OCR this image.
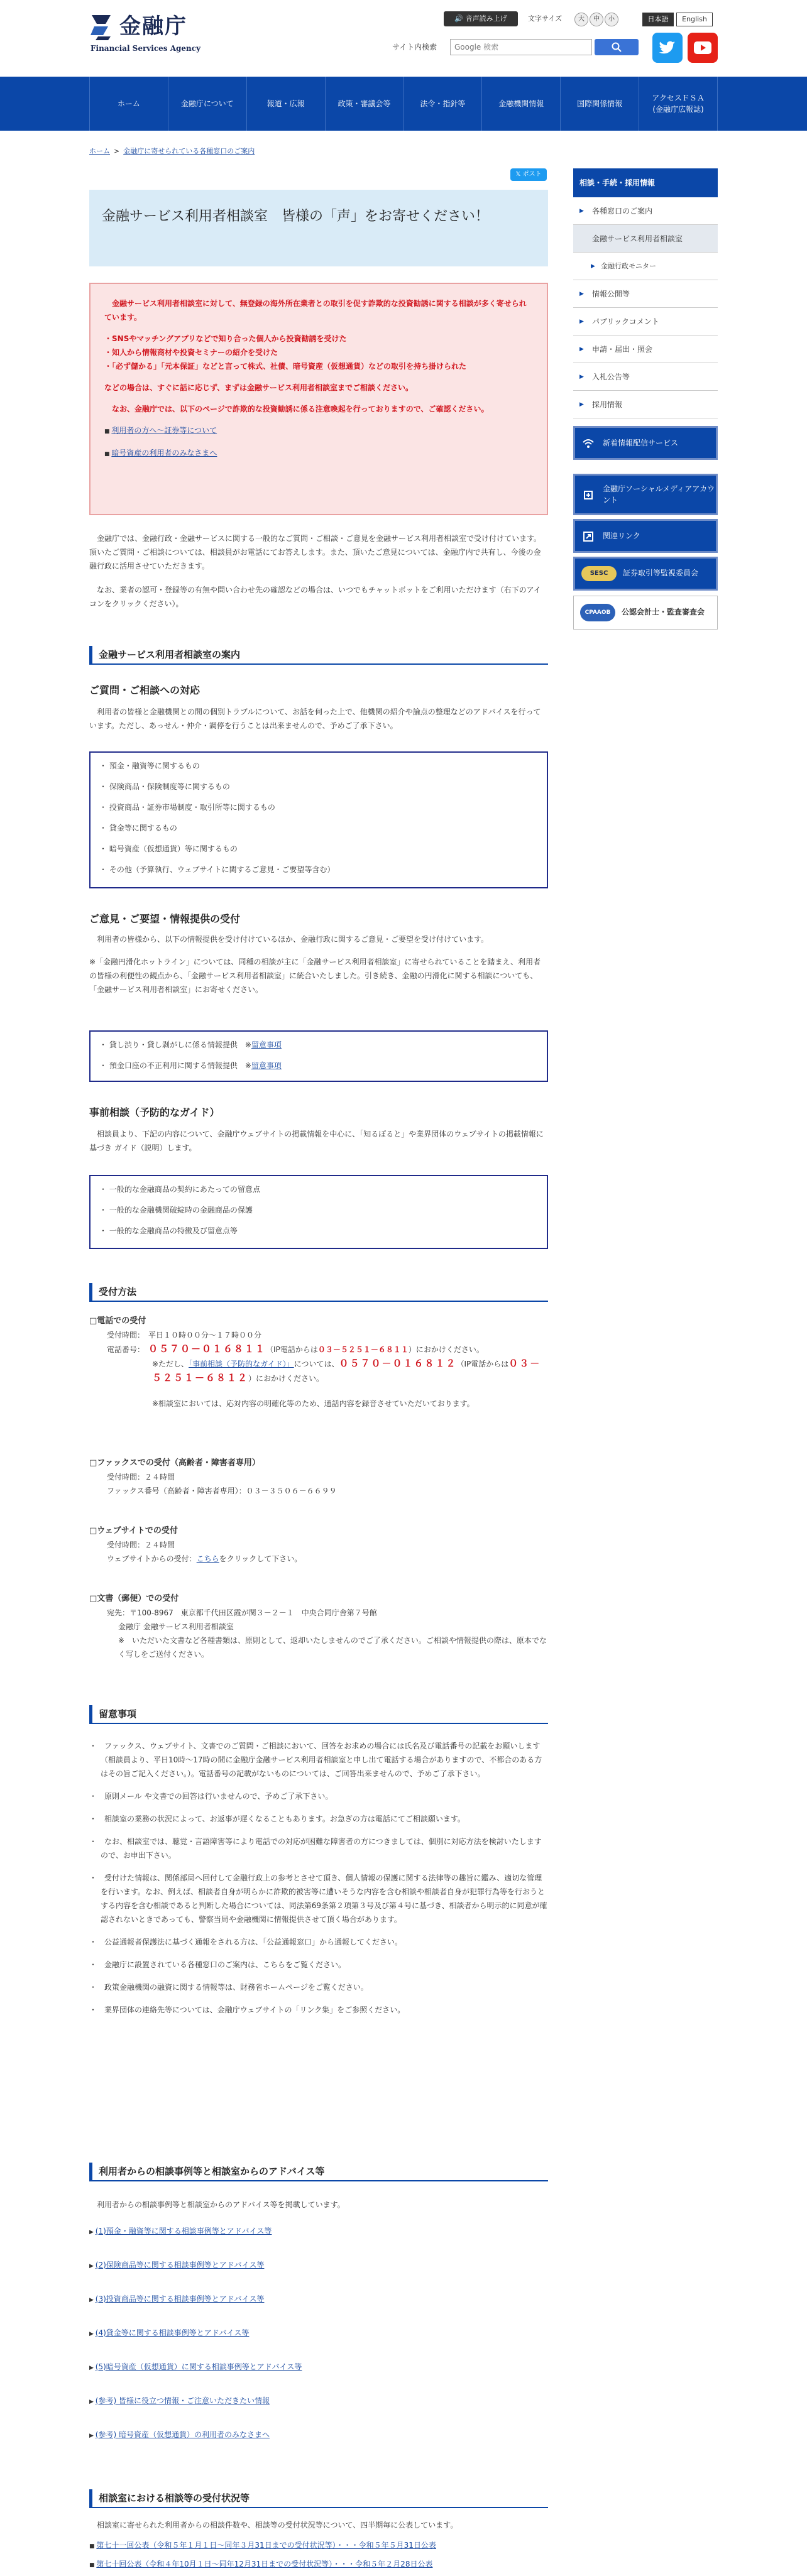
金融庁
Financial Services Agency
🔊 音声読み上げ	文字サイズ	大	中	小	日本語	English
サイト内検索	Google 検索
ホーム	金融庁について	報道・広報	政策・審議会等	法令・指針等	金融機関情報	国際関係情報
アクセスＦＳＡ
(金融庁広報誌)
ホーム > 金融庁に寄せられている各種窓口のご案内
𝕏 ポスト
金融サービス利用者相談室　皆様の「声」をお寄せください！

金融サービス利用者相談室に対して、無登録の海外所在業者との取引を促す詐欺的な投資勧誘に関する相談が多く寄せられています。

・ SNSやマッチングアプリなどで知り合った個人から投資勧誘を受けた
・ 知人から情報商材や投資セミナーの紹介を受けた
・ 「必ず儲かる」「元本保証」などと言って株式、社債、暗号資産（仮想通貨）などの取引を持ち掛けられた

などの場合は、すぐに話に応じず、まずは金融サービス利用者相談室までご相談ください。

なお、金融庁では、以下のページで詐欺的な投資勧誘に係る注意喚起を行っておりますので、ご確認ください。

■ 利用者の方へ～証券等について
■ 暗号資産の利用者のみなさまへ

金融庁では、金融行政・金融サービスに関する一般的なご質問・ご相談・ご意見を金融サービス利用者相談室で受け付けています。頂いたご質問・ご相談については、相談員がお電話にてお答えします。また、頂いたご意見については、金融庁内で共有し、今後の金融行政に活用させていただきます。

なお、業者の認可・登録等の有無や問い合わせ先の確認などの場合は、いつでもチャットボットをご利用いただけます（右下のアイコンをクリックください）。

金融サービス利用者相談室の案内
ご質問・ご相談への対応

利用者の皆様と金融機関との間の個別トラブルについて、お話を伺った上で、他機関の紹介や論点の整理などのアドバイスを行っています。ただし、あっせん・仲介・調停を行うことは出来ませんので、予めご了承下さい。

・ 預金・融資等に関するもの
・ 保険商品・保険制度等に関するもの
・ 投資商品・証券市場制度・取引所等に関するもの
・ 貸金等に関するもの
・ 暗号資産（仮想通貨）等に関するもの
・ その他（予算執行、ウェブサイトに関するご意見・ご要望等含む）
ご意見・ご要望・情報提供の受付

利用者の皆様から、以下の情報提供を受け付けているほか、金融行政に関するご意見・ご要望を受け付けています。

※「金融円滑化ホットライン」については、同種の相談が主に「金融サービス利用者相談室」に寄せられていることを踏まえ、利用者の皆様の利便性の観点から、「金融サービス利用者相談室」に統合いたしました。引き続き、金融の円滑化に関する相談についても、「金融サービス利用者相談室」にお寄せください。

・ 貸し渋り・貸し剥がしに係る情報提供　 ※留意事項
・ 預金口座の不正利用に関する情報提供　 ※留意事項
事前相談（予防的なガイド）

相談員より、下記の内容について、金融庁ウェブサイトの掲載情報を中心に、「知るぽると」や業界団体のウェブサイトの掲載情報に基づき ガイド（説明）します。

・ 一般的な金融商品の契約にあたっての留意点
・ 一般的な金融機関破綻時の金融商品の保護
・ 一般的な金融商品の特徴及び留意点等
受付方法
□電話での受付
受付時間：　平日１０時００分～１７時００分
電話番号：　 ０５７０－０１６８１１（IP電話からは０３－５２５１－６８１１）におかけください。
※ただし、「事前相談（予防的なガイド）」については、０５７０－０１６８１２（IP電話からは０３－５２５１－６８１２）におかけください。
※相談室においては、応対内容の明確化等のため、通話内容を録音させていただいております。
□ファックスでの受付（高齢者・障害者専用）
受付時間：２４時間
ファックス番号（高齢者・障害者専用）：０３－３５０６－６６９９
□ウェブサイトでの受付
受付時間：２４時間
ウェブサイトからの受付：こちらをクリックして下さい。
□文書（郵便）での受付
宛先：〒100-8967　東京都千代田区霞が関３－２－１　中央合同庁舎第７号館
金融庁 金融サービス利用者相談室
※　いただいた文書など各種書類は、原則として、返却いたしませんのでご了承ください。ご相談や情報提供の際は、原本でなく写しをご送付ください。
留意事項
・　ファックス、ウェブサイト、文書でのご質問・ご相談において、回答をお求めの場合には氏名及び電話番号の記載をお願いします（相談員より、平日10時～17時の間に金融庁金融サービス利用者相談室と申し出て電話する場合がありますので、不都合のある方はその旨ご記入ください。）。電話番号の記載がないものについては、ご回答出来ませんので、予めご了承下さい。
・　原則メール や文書での回答は行いませんので、予めご了承下さい。
・　相談室の業務の状況によって、お返事が遅くなることもあります。お急ぎの方は電話にてご相談願います。
・　なお、相談室では、聴覚・言語障害等により電話での対応が困難な障害者の方につきましては、個別に対応方法を検討いたしますので、お申出下さい。
・　受付けた情報は、関係部局へ回付して金融行政上の参考とさせて頂き、個人情報の保護に関する法律等の趣旨に鑑み、適切な管理を行います。なお、例えば、相談者自身が明らかに詐欺的被害等に遭いそうな内容を含む相談や相談者自身が犯罪行為等を行おうとする内容を含む相談であると判断した場合については、同法第69条第２項第３号及び第４号に基づき、相談者から明示的に同意が確認されないときであっても、警察当局や金融機関に情報提供させて頂く場合があります。
・　公益通報者保護法に基づく通報をされる方は、「公益通報窓口」から通報してください。
・　金融庁に設置されている各種窓口のご案内は、こちらをご覧ください。
・　政策金融機関の融資に関する情報等は、財務省ホームページをご覧ください。
・　業界団体の連絡先等については、金融庁ウェブサイトの「リンク集」をご参照ください。
利用者からの相談事例等と相談室からのアドバイス等

利用者からの相談事例等と相談室からのアドバイス等を掲載しています。

▶ (1)預金・融資等に関する相談事例等とアドバイス等
▶ (2)保険商品等に関する相談事例等とアドバイス等
▶ (3)投資商品等に関する相談事例等とアドバイス等
▶ (4)貸金等に関する相談事例等とアドバイス等
▶ (5)暗号資産（仮想通貨）に関する相談事例等とアドバイス等
▶ (参考) 皆様に役立つ情報・ご注意いただきたい情報
▶ (参考) 暗号資産（仮想通貨）の利用者のみなさまへ
相談室における相談等の受付状況等

相談室に寄せられた利用者からの相談件数や、相談等の受付状況等について、四半期毎に公表しています。

■ 第七十一回公表（令和５年１月１日～同年３月31日までの受付状況等）・・・令和５年５月31日公表
■ 第七十回公表（令和４年10月１日～同年12月31日までの受付状況等）・・・令和５年２月28日公表
相談・手続・採用情報
▶ 各種窓口のご案内
金融サービス利用者相談室
▶ 金融行政モニター
▶ 情報公開等
▶ パブリックコメント
▶ 申請・届出・照会
▶ 入札公告等
▶ 採用情報
新着情報配信サービス
金融庁ソーシャルメディアアカウント
関連リンク
SESC	証券取引等監視委員会
CPAAOB	公認会計士・監査審査会
